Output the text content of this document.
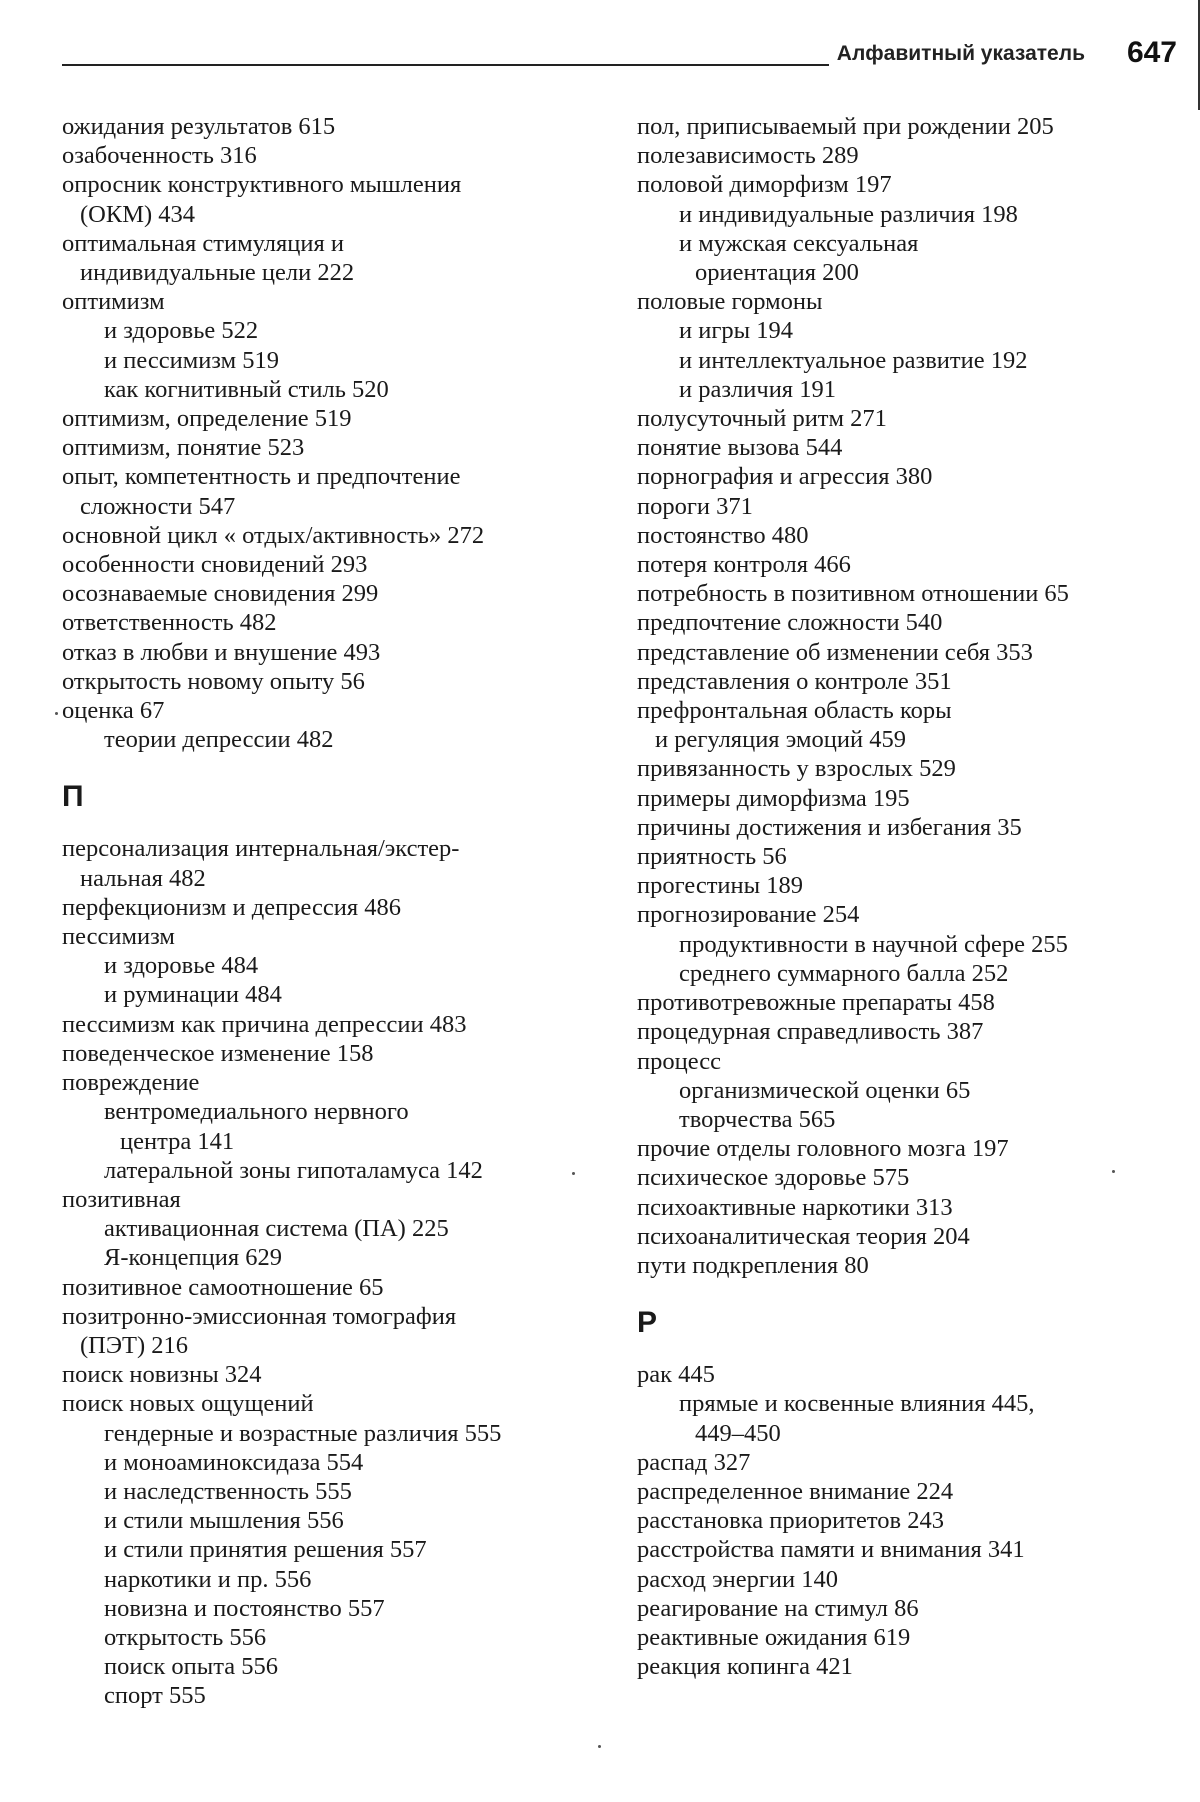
Алфавитный указатель 647
ожидания результатов 615
озабоченность 316
опросник конструктивного мышления
(ОКМ) 434
оптимальная стимуляция и
индивидуальные цели 222
оптимизм
и здоровье 522
и пессимизм 519
как когнитивный стиль 520
оптимизм, определение 519
оптимизм, понятие 523
опыт, компетентность и предпочтение
сложности 547
основной цикл « отдых/активность» 272
особенности сновидений 293
осознаваемые сновидения 299
ответственность 482
отказ в любви и внушение 493
открытость новому опыту 56
оценка 67
теории депрессии 482
П
персонализация интернальная/экстер-
нальная 482
перфекционизм и депрессия 486
пессимизм
и здоровье 484
и руминации 484
пессимизм как причина депрессии 483
поведенческое изменение 158
повреждение
вентромедиального нервного
центра 141
латеральной зоны гипоталамуса 142
позитивная
активационная система (ПА) 225
Я-концепция 629
позитивное самоотношение 65
позитронно-эмиссионная томография
(ПЭТ) 216
поиск новизны 324
поиск новых ощущений
гендерные и возрастные различия 555
и моноаминоксидаза 554
и наследственность 555
и стили мышления 556
и стили принятия решения 557
наркотики и пр. 556
новизна и постоянство 557
открытость 556
поиск опыта 556
спорт 555
пол, приписываемый при рождении 205
полезависимость 289
половой диморфизм 197
и индивидуальные различия 198
и мужская сексуальная
ориентация 200
половые гормоны
и игры 194
и интеллектуальное развитие 192
и различия 191
полусуточный ритм 271
понятие вызова 544
порнография и агрессия 380
пороги 371
постоянство 480
потеря контроля 466
потребность в позитивном отношении 65
предпочтение сложности 540
представление об изменении себя 353
представления о контроле 351
префронтальная область коры
и регуляция эмоций 459
привязанность у взрослых 529
примеры диморфизма 195
причины достижения и избегания 35
приятность 56
прогестины 189
прогнозирование 254
продуктивности в научной сфере 255
среднего суммарного балла 252
противотревожные препараты 458
процедурная справедливость 387
процесс
организмической оценки 65
творчества 565
прочие отделы головного мозга 197
психическое здоровье 575
психоактивные наркотики 313
психоаналитическая теория 204
пути подкрепления 80
Р
рак 445
прямые и косвенные влияния 445,
449–450
распад 327
распределенное внимание 224
расстановка приоритетов 243
расстройства памяти и внимания 341
расход энергии 140
реагирование на стимул 86
реактивные ожидания 619
реакция копинга 421
